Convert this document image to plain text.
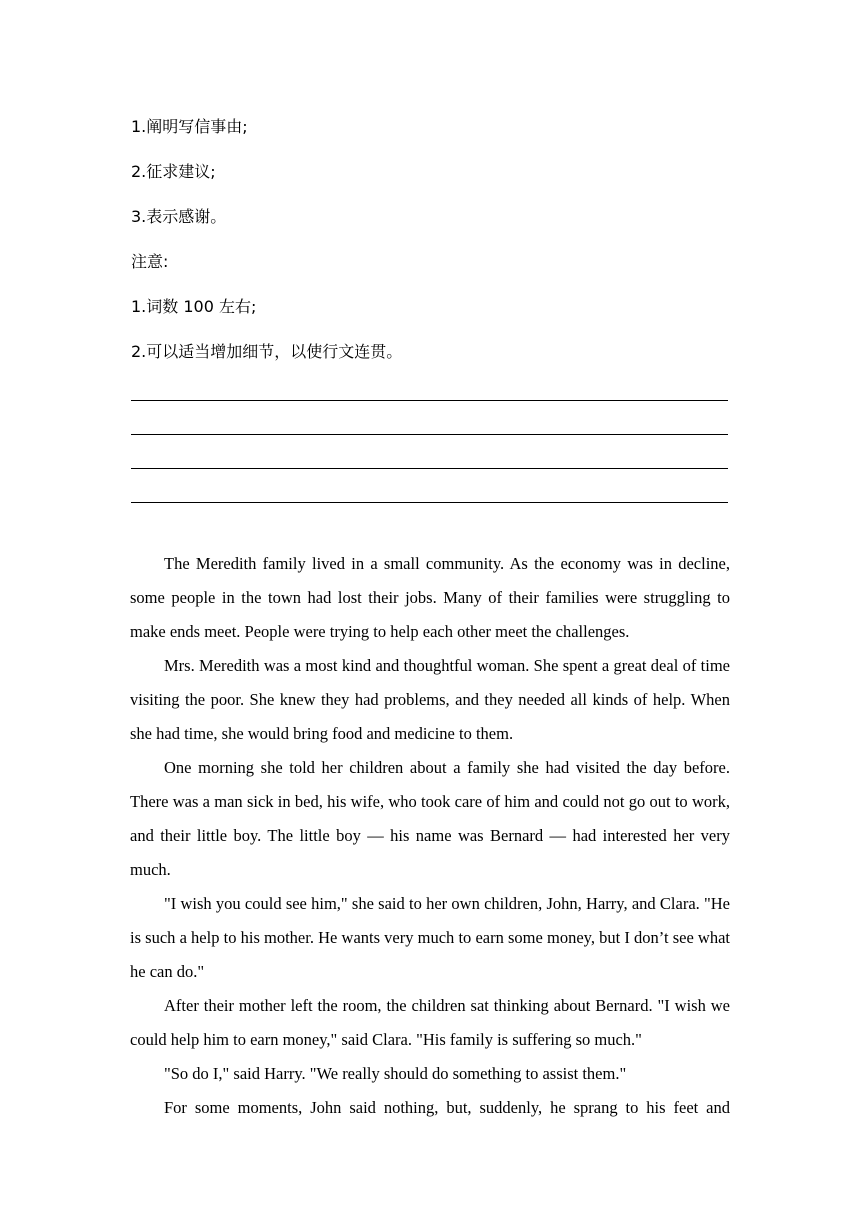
1.阐明写信事由;
2.征求建议;
3.表示感谢。
注意:
1.词数 100 左右;
2.可以适当增加细节，以使行文连贯。

The Meredith family lived in a small community. As the economy was in decline, some people in the town had lost their jobs. Many of their families were struggling to make ends meet. People were trying to help each other meet the challenges.

Mrs. Meredith was a most kind and thoughtful woman. She spent a great deal of time visiting the poor. She knew they had problems, and they needed all kinds of help. When she had time, she would bring food and medicine to them.

One morning she told her children about a family she had visited the day before. There was a man sick in bed, his wife, who took care of him and could not go out to work, and their little boy. The little boy — his name was Bernard — had interested her very much.

"I wish you could see him," she said to her own children, John, Harry, and Clara. "He is such a help to his mother. He wants very much to earn some money, but I don’t see what he can do."

After their mother left the room, the children sat thinking about Bernard. "I wish we could help him to earn money," said Clara. "His family is suffering so much."

"So do I," said Harry. "We really should do something to assist them."

For some moments, John said nothing, but, suddenly, he sprang to his feet and
